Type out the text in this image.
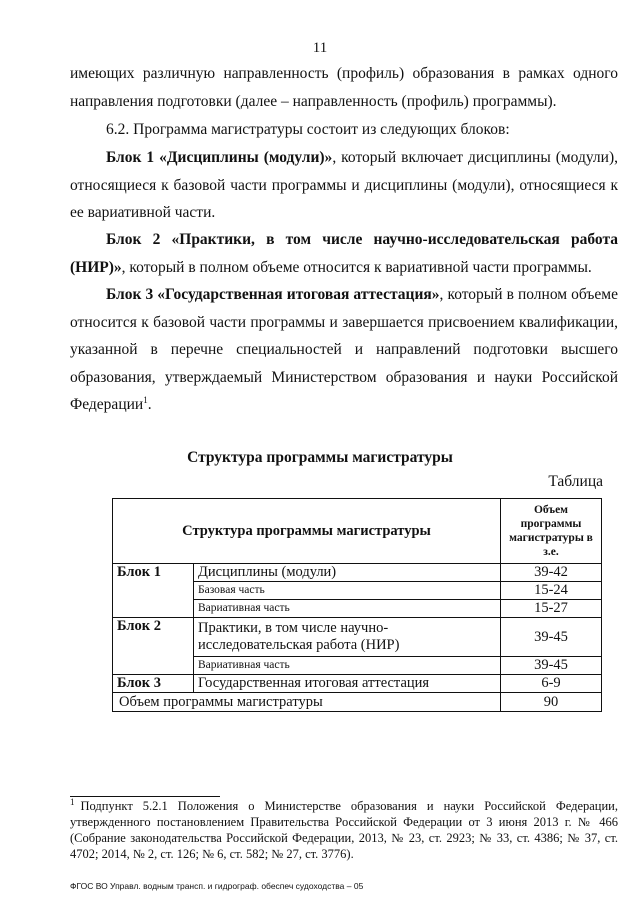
11

имеющих различную направленность (профиль) образования в рамках одного направления подготовки (далее – направленность (профиль) программы).

6.2. Программа магистратуры состоит из следующих блоков:

Блок 1 «Дисциплины (модули)», который включает дисциплины (модули), относящиеся к базовой части программы и дисциплины (модули), относящиеся к ее вариативной части.

Блок 2 «Практики, в том числе научно-исследовательская работа (НИР)», который в полном объеме относится к вариативной части программы.

Блок 3 «Государственная итоговая аттестация», который в полном объеме относится к базовой части программы и завершается присвоением квалификации, указанной в перечне специальностей и направлений подготовки высшего образования, утверждаемый Министерством образования и науки Российской Федерации$^1$.

Структура программы магистратуры
Таблица
Структура программы магистратуры		Объем программы магистратуры в з.е.
Блок 1	Дисциплины (модули)	39-42
	Базовая часть	15-24
	Вариативная часть	15-27
Блок 2	Практики, в том числе научно-исследовательская работа (НИР)	39-45
	Вариативная часть	39-45
Блок 3	Государственная итоговая аттестация	6-9
Объем программы магистратуры		90

$^1$ Подпункт 5.2.1 Положения о Министерстве образования и науки Российской Федерации, утвержденного постановлением Правительства Российской Федерации от 3 июня 2013 г. № 466 (Собрание законодательства Российской Федерации, 2013, № 23, ст. 2923; № 33, ст. 4386; № 37, ст. 4702; 2014, № 2, ст. 126; № 6, ст. 582; № 27, ст. 3776).

ФГОС ВО Управл. водным трансп. и гидрограф. обеспеч судоходства – 05
